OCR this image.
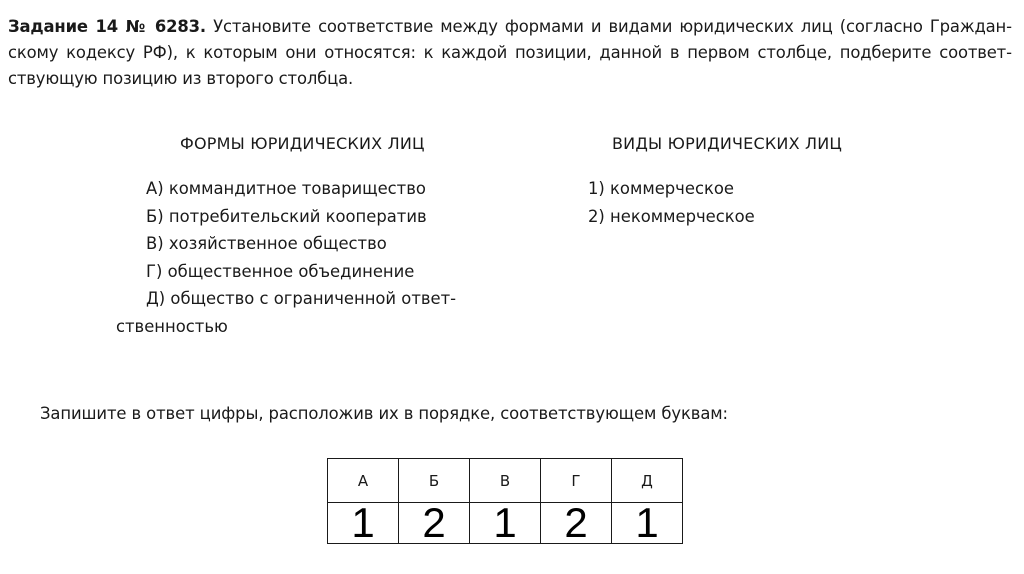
Задание 14 № 6283. Установите соответствие между формами и видами юридических лиц (согласно Гражданскому кодексу РФ), к которым они относятся: к каждой позиции, данной в первом столбце, подберите соответствующую позицию из второго столбца.
ФОРМЫ ЮРИДИЧЕСКИХ ЛИЦ	ВИДЫ ЮРИДИЧЕСКИХ ЛИЦ
А) коммандитное товарищество
Б) потребительский кооператив
В) хозяйственное общество
Г) общественное объединение
Д) общество с ограниченной ответ-
ственностью
1) коммерческое
2) некоммерческое
Запишите в ответ цифры, расположив их в порядке, соответствующем буквам:
А	Б	В	Г	Д
1	2	1	2	1
